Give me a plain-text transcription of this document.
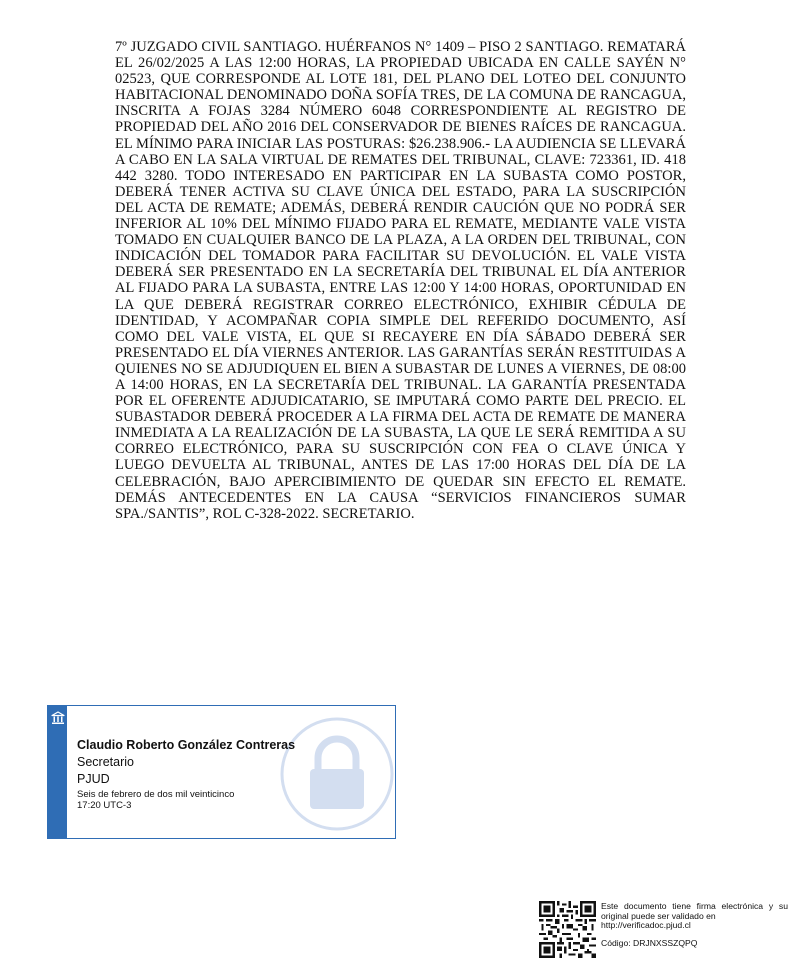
7º JUZGADO CIVIL SANTIAGO. HUÉRFANOS N° 1409 – PISO 2 SANTIAGO. REMATARÁ EL 26/02/2025 A LAS 12:00 HORAS, LA PROPIEDAD UBICADA EN CALLE SAYÉN N° 02523, QUE CORRESPONDE AL LOTE 181, DEL PLANO DEL LOTEO DEL CONJUNTO HABITACIONAL DENOMINADO DOÑA SOFÍA TRES, DE LA COMUNA DE RANCAGUA, INSCRITA A FOJAS 3284 NÚMERO 6048 CORRESPONDIENTE AL REGISTRO DE PROPIEDAD DEL AÑO 2016 DEL CONSERVADOR DE BIENES RAÍCES DE RANCAGUA. EL MÍNIMO PARA INICIAR LAS POSTURAS: $26.238.906.- LA AUDIENCIA SE LLEVARÁ A CABO EN LA SALA VIRTUAL DE REMATES DEL TRIBUNAL, CLAVE: 723361, ID. 418 442 3280. TODO INTERESADO EN PARTICIPAR EN LA SUBASTA COMO POSTOR, DEBERÁ TENER ACTIVA SU CLAVE ÚNICA DEL ESTADO, PARA LA SUSCRIPCIÓN DEL ACTA DE REMATE; ADEMÁS, DEBERÁ RENDIR CAUCIÓN QUE NO PODRÁ SER INFERIOR AL 10% DEL MÍNIMO FIJADO PARA EL REMATE, MEDIANTE VALE VISTA TOMADO EN CUALQUIER BANCO DE LA PLAZA, A LA ORDEN DEL TRIBUNAL, CON INDICACIÓN DEL TOMADOR PARA FACILITAR SU DEVOLUCIÓN. EL VALE VISTA DEBERÁ SER PRESENTADO EN LA SECRETARÍA DEL TRIBUNAL EL DÍA ANTERIOR AL FIJADO PARA LA SUBASTA, ENTRE LAS 12:00 Y 14:00 HORAS, OPORTUNIDAD EN LA QUE DEBERÁ REGISTRAR CORREO ELECTRÓNICO, EXHIBIR CÉDULA DE IDENTIDAD, Y ACOMPAÑAR COPIA SIMPLE DEL REFERIDO DOCUMENTO, ASÍ COMO DEL VALE VISTA, EL QUE SI RECAYERE EN DÍA SÁBADO DEBERÁ SER PRESENTADO EL DÍA VIERNES ANTERIOR. LAS GARANTÍAS SERÁN RESTITUIDAS A QUIENES NO SE ADJUDIQUEN EL BIEN A SUBASTAR DE LUNES A VIERNES, DE 08:00 A 14:00 HORAS, EN LA SECRETARÍA DEL TRIBUNAL. LA GARANTÍA PRESENTADA POR EL OFERENTE ADJUDICATARIO, SE IMPUTARÁ COMO PARTE DEL PRECIO. EL SUBASTADOR DEBERÁ PROCEDER A LA FIRMA DEL ACTA DE REMATE DE MANERA INMEDIATA A LA REALIZACIÓN DE LA SUBASTA, LA QUE LE SERÁ REMITIDA A SU CORREO ELECTRÓNICO, PARA SU SUSCRIPCIÓN CON FEA O CLAVE ÚNICA Y LUEGO DEVUELTA AL TRIBUNAL, ANTES DE LAS 17:00 HORAS DEL DÍA DE LA CELEBRACIÓN, BAJO APERCIBIMIENTO DE QUEDAR SIN EFECTO EL REMATE. DEMÁS ANTECEDENTES EN LA CAUSA “SERVICIOS FINANCIEROS SUMAR SPA./SANTIS”, ROL C-328-2022. SECRETARIO.
Claudio Roberto González Contreras
Secretario
PJUD
Seis de febrero de dos mil veinticinco
17:20 UTC-3
Este documento tiene firma electrónica y su original puede ser validado en
http://verificadoc.pjud.cl
Código: DRJNXSSZQPQ
